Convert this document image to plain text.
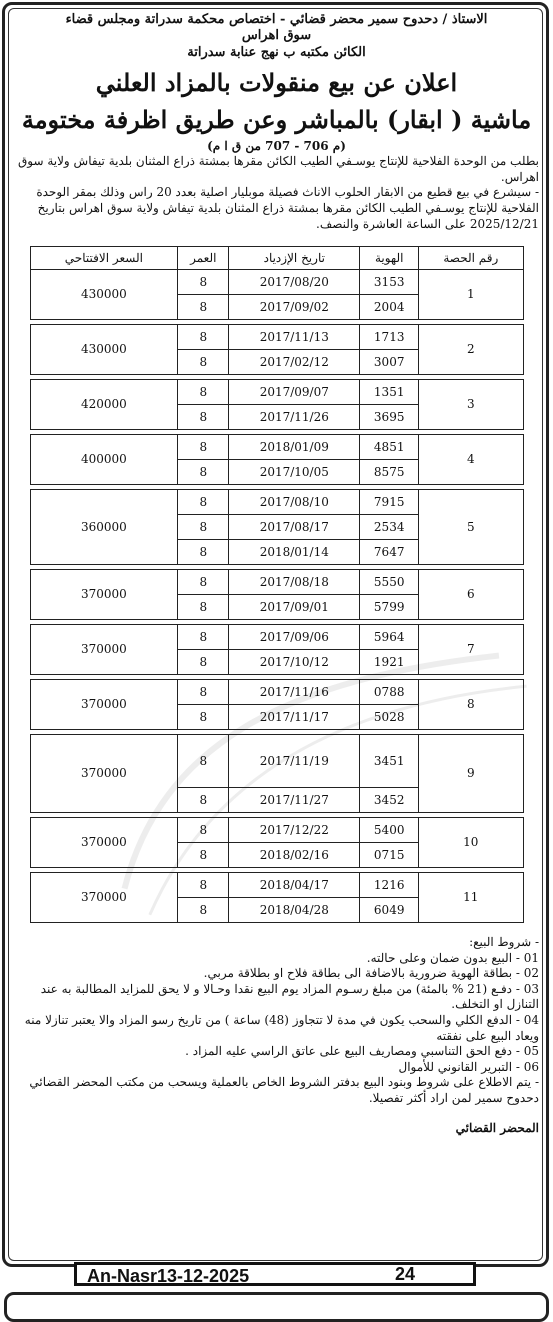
الاستاذ / دحدوح سمير محضر قضائي - اختصاص محكمة سدراتة ومجلس قضاء
سوق اهراس
الكائن مكتبه ب نهج عنابة سدراتة
اعلان عن بيع منقولات بالمزاد العلني
ماشية ( ابقار) بالمباشر وعن طريق اظرفة مختومة
(م 706 - 707 من ق ا م)
بطلب من الوحدة الفلاحية للإنتاج يوسـفي الطيب الكائن مقرها بمشتة ذراع المثنان بلدية تيفاش ولاية سوق اهراس.
- سيشرع في بيع قطيع من الابقار الحلوب الاناث فصيلة موبليار اصلية بعدد 20 راس وذلك بمقر الوحدة الفلاحية للإنتاج يوسـفي الطيب الكائن مقرها بمشتة ذراع المثنان بلدية تيفاش ولاية سوق اهراس بتاريخ 2025/12/21 على الساعة العاشرة والنصف.
رقم الحصة	الهوية	تاريخ الإزدياد	العمر	السعر الافتتاحي
1	3153	2017/08/20	8	430000
	2004	2017/09/02	8	

2	1713	2017/11/13	8	430000
	3007	2017/02/12	8	

3	1351	2017/09/07	8	420000
	3695	2017/11/26	8	

4	4851	2018/01/09	8	400000
	8575	2017/10/05	8	

5	7915	2017/08/10	8	360000
	2534	2017/08/17	8	
	7647	2018/01/14	8	

6	5550	2017/08/18	8	370000
	5799	2017/09/01	8	

7	5964	2017/09/06	8	370000
	1921	2017/10/12	8	

8	0788	2017/11/16	8	370000
	5028	2017/11/17	8	

9	3451	2017/11/19	8	370000
	3452	2017/11/27	8	

10	5400	2017/12/22	8	370000
	0715	2018/02/16	8	

11	1216	2018/04/17	8	370000
	6049	2018/04/28	8	
- شروط البيع:
01 - البيع بدون ضمان وعلى حالته.
02 - بطاقة الهوية ضرورية بالاضافة الى بطاقة فلاح او بطلاقة مربي.
03 - دفـع (21 % بالمئة) من مبلغ رسـوم المزاد يوم البيع نقدا وحـالا و لا يحق للمزايد المطالبة به عند التنازل او التخلف.
04 - الدفع الكلي والسحب يكون في مدة لا تتجاوز (48) ساعة ) من تاريخ رسو المزاد والا يعتبر تنازلا منه ويعاد البيع على نفقته
05 - دفع الحق التناسبي ومصاريف البيع على عاتق الراسي عليه المزاد .
06 - التبرير القانوني للأموال
- يتم الاطلاع على شروط وبنود البيع بدفتر الشروط الخاص بالعملية ويسحب من مكتب المحضر القضائي دحدوح سمير لمن اراد أكثر تفصيلا.
المحضر القضائي
An-Nasr13-12-2025	24
